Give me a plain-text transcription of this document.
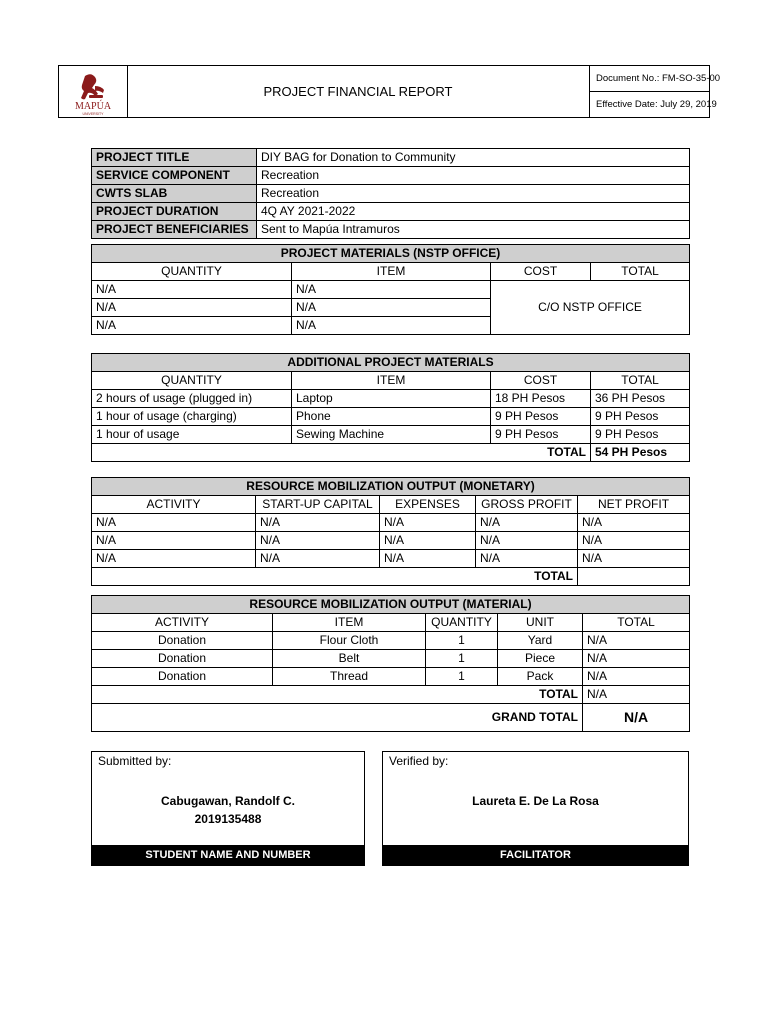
MAPÚA
UNIVERSITY
PROJECT FINANCIAL REPORT
Document No.: FM-SO-35-00
Effective Date: July 29, 2019
PROJECT TITLE	DIY BAG for Donation to Community
SERVICE COMPONENT	Recreation
CWTS SLAB	Recreation
PROJECT DURATION	4Q AY 2021-2022
PROJECT BENEFICIARIES	Sent to Mapúa Intramuros
PROJECT MATERIALS (NSTP OFFICE)			
QUANTITY	ITEM	COST	TOTAL
N/A	N/A	C/O NSTP OFFICE	
N/A	N/A		
N/A	N/A		
ADDITIONAL PROJECT MATERIALS			
QUANTITY	ITEM	COST	TOTAL
2 hours of usage (plugged in)	Laptop	18 PH Pesos	36 PH Pesos
1 hour of usage (charging)	Phone	9 PH Pesos	9 PH Pesos
1 hour of usage	Sewing Machine	9 PH Pesos	9 PH Pesos
TOTAL			54 PH Pesos
RESOURCE MOBILIZATION OUTPUT (MONETARY)				
ACTIVITY	START-UP CAPITAL	EXPENSES	GROSS PROFIT	NET PROFIT
N/A	N/A	N/A	N/A	N/A
N/A	N/A	N/A	N/A	N/A
N/A	N/A	N/A	N/A	N/A
TOTAL				
RESOURCE MOBILIZATION OUTPUT (MATERIAL)				
ACTIVITY	ITEM	QUANTITY	UNIT	TOTAL
Donation	Flour Cloth	1	Yard	N/A
Donation	Belt	1	Piece	N/A
Donation	Thread	1	Pack	N/A
TOTAL				N/A
GRAND TOTAL				N/A
Submitted by:
Cabugawan, Randolf C.
2019135488
STUDENT NAME AND NUMBER
Verified by:
Laureta E. De La Rosa
FACILITATOR
